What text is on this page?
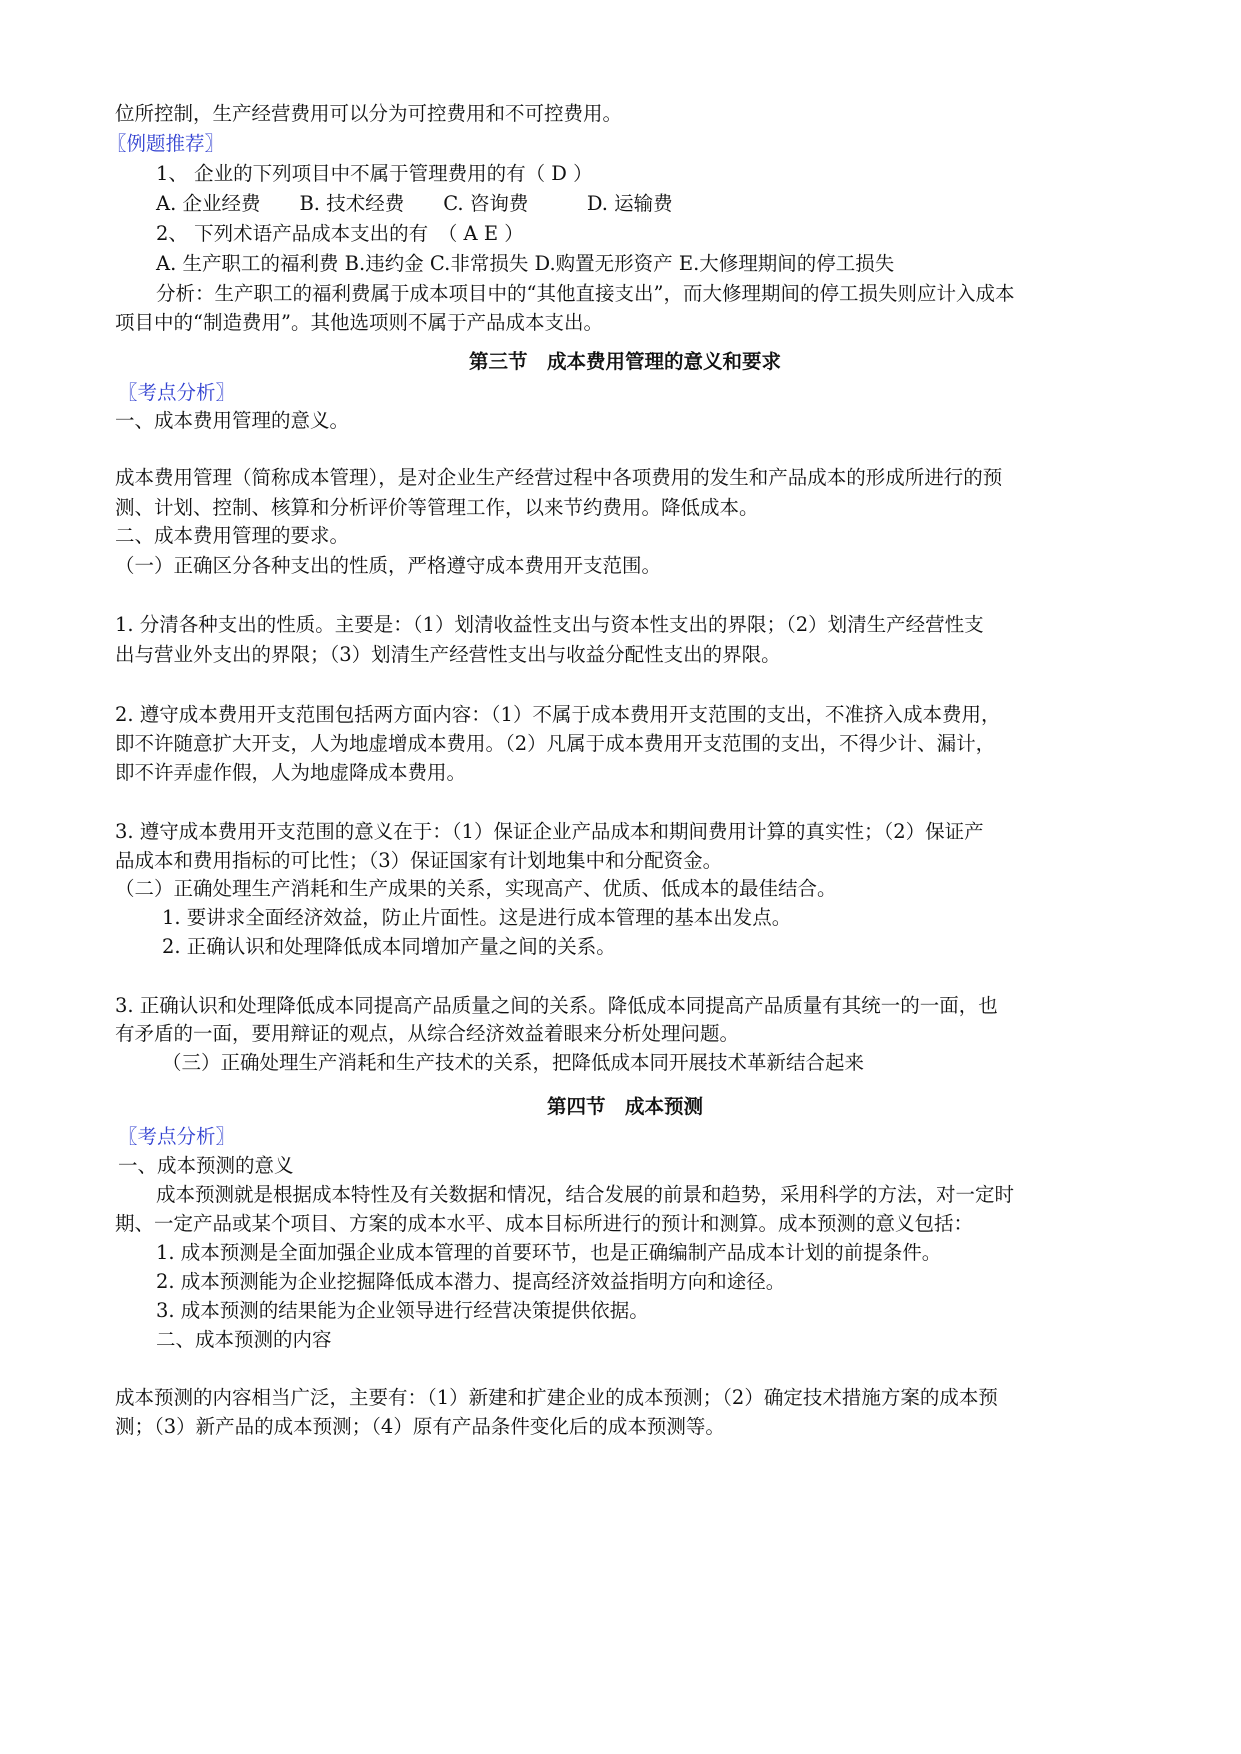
位所控制，生产经营费用可以分为可控费用和不可控费用。
〖例题推荐〗
1、 企业的下列项目中不属于管理费用的有（ D ）
A. 企业经费　　B. 技术经费　　C. 咨询费　　　D. 运输费
2、 下列术语产品成本支出的有　（ A E ）
A. 生产职工的福利费 B.违约金 C.非常损失 D.购置无形资产 E.大修理期间的停工损失
分析：生产职工的福利费属于成本项目中的“其他直接支出”，而大修理期间的停工损失则应计入成本
项目中的“制造费用”。其他选项则不属于产品成本支出。
第三节　成本费用管理的意义和要求
〖考点分析〗
一、成本费用管理的意义。
成本费用管理（简称成本管理），是对企业生产经营过程中各项费用的发生和产品成本的形成所进行的预
测、计划、控制、核算和分析评价等管理工作，以来节约费用。降低成本。
二、成本费用管理的要求。
（一）正确区分各种支出的性质，严格遵守成本费用开支范围。
1. 分清各种支出的性质。主要是：（1）划清收益性支出与资本性支出的界限；（2）划清生产经营性支
出与营业外支出的界限；（3）划清生产经营性支出与收益分配性支出的界限。
2. 遵守成本费用开支范围包括两方面内容：（1）不属于成本费用开支范围的支出，不准挤入成本费用，
即不许随意扩大开支，人为地虚增成本费用。（2）凡属于成本费用开支范围的支出，不得少计、漏计，
即不许弄虚作假，人为地虚降成本费用。
3. 遵守成本费用开支范围的意义在于：（1）保证企业产品成本和期间费用计算的真实性；（2）保证产
品成本和费用指标的可比性；（3）保证国家有计划地集中和分配资金。
（二）正确处理生产消耗和生产成果的关系，实现高产、优质、低成本的最佳结合。
1. 要讲求全面经济效益，防止片面性。这是进行成本管理的基本出发点。
2. 正确认识和处理降低成本同增加产量之间的关系。
3. 正确认识和处理降低成本同提高产品质量之间的关系。降低成本同提高产品质量有其统一的一面，也
有矛盾的一面，要用辩证的观点，从综合经济效益着眼来分析处理问题。
（三）正确处理生产消耗和生产技术的关系，把降低成本同开展技术革新结合起来
第四节　成本预测
〖考点分析〗
一、成本预测的意义
成本预测就是根据成本特性及有关数据和情况，结合发展的前景和趋势，采用科学的方法，对一定时
期、一定产品或某个项目、方案的成本水平、成本目标所进行的预计和测算。成本预测的意义包括：
1. 成本预测是全面加强企业成本管理的首要环节，也是正确编制产品成本计划的前提条件。
2. 成本预测能为企业挖掘降低成本潜力、提高经济效益指明方向和途径。
3. 成本预测的结果能为企业领导进行经营决策提供依据。
二、成本预测的内容
成本预测的内容相当广泛，主要有：（1）新建和扩建企业的成本预测；（2）确定技术措施方案的成本预
测；（3）新产品的成本预测；（4）原有产品条件变化后的成本预测等。
